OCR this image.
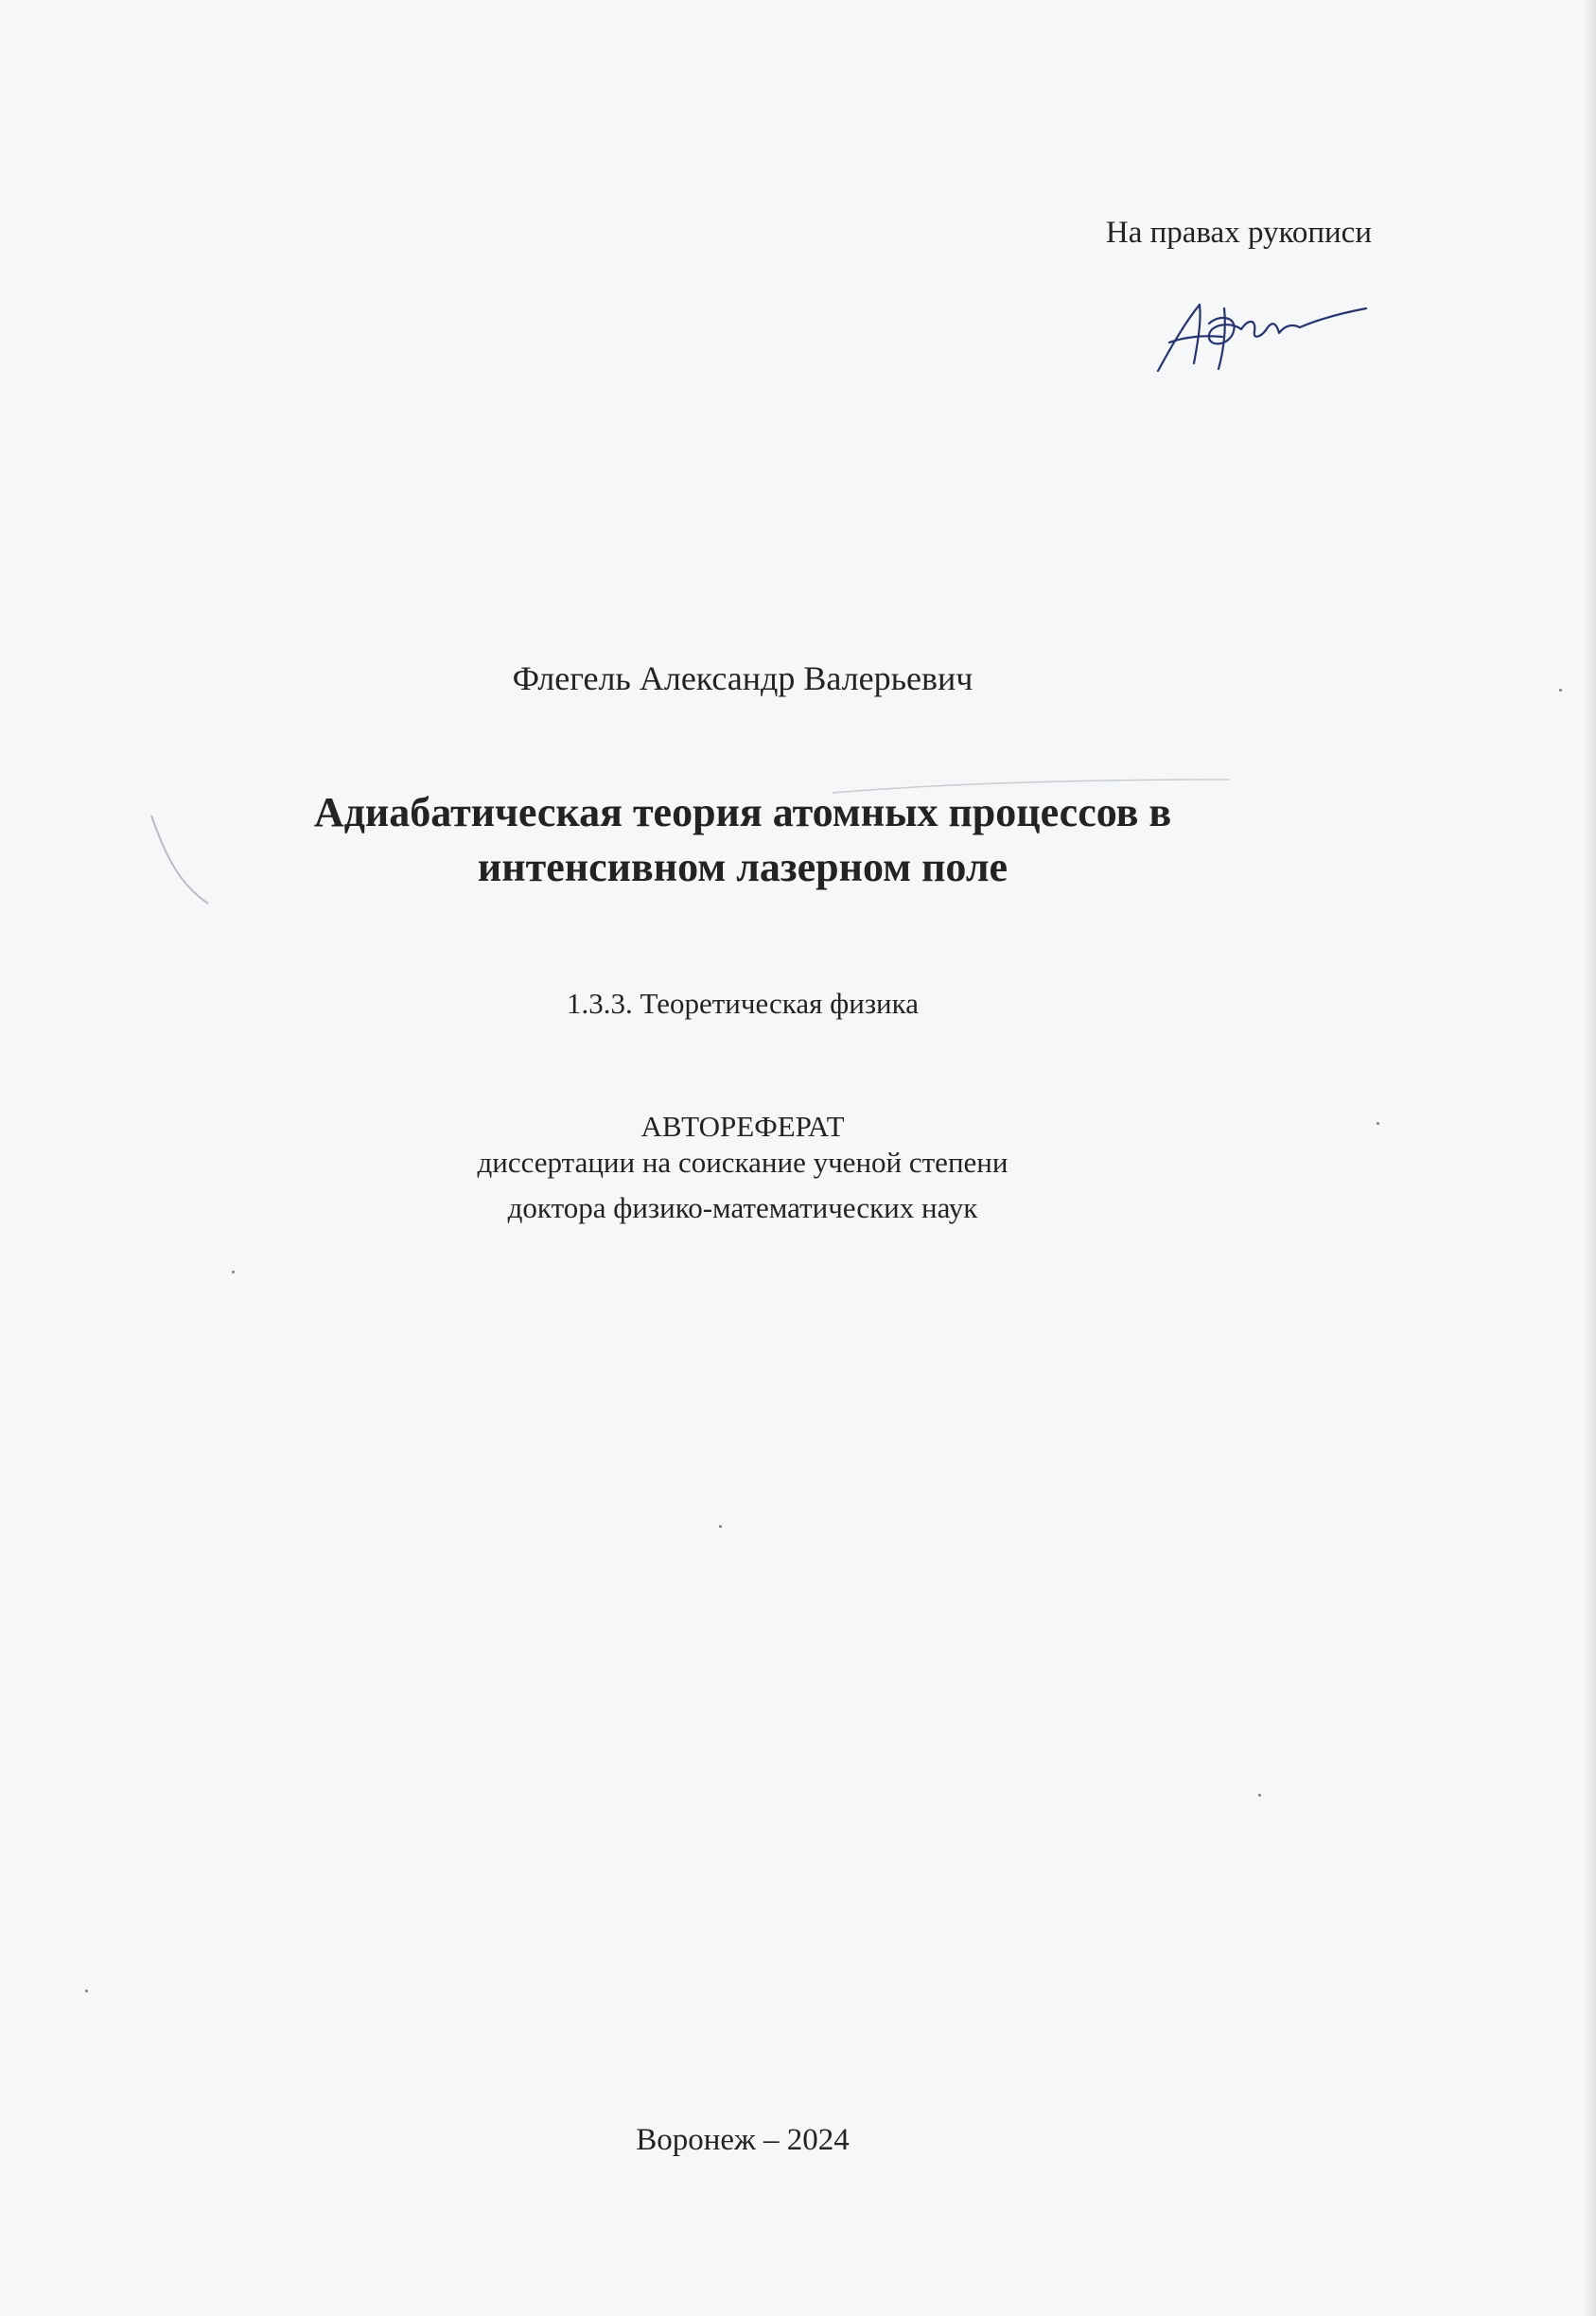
На правах рукописи
Флегель Александр Валерьевич
Адиабатическая теория атомных процессов в
интенсивном лазерном поле
1.3.3. Теоретическая физика
АВТОРЕФЕРАТ
диссертации на соискание ученой степени
доктора физико-математических наук
Воронеж – 2024
